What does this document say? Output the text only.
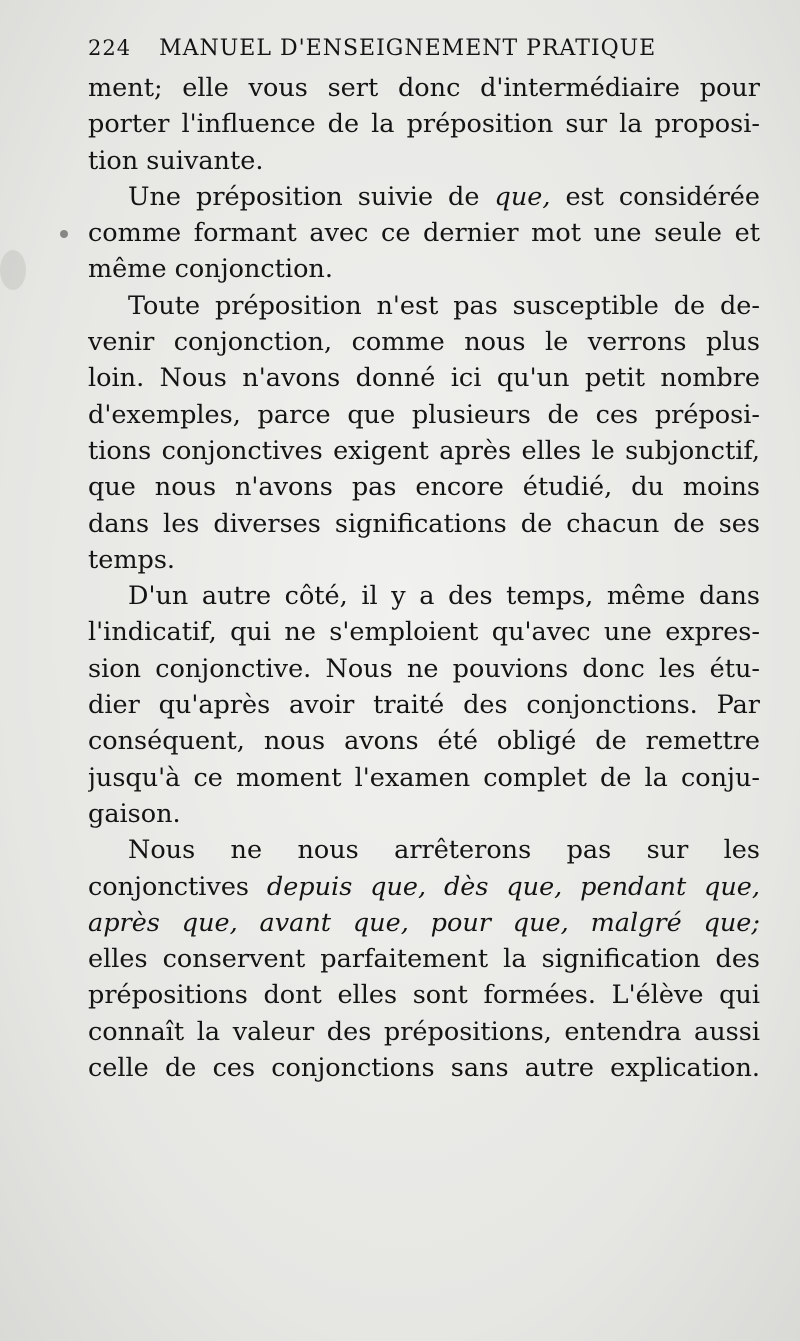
224 MANUEL D'ENSEIGNEMENT PRATIQUE
ment; elle vous sert donc d'intermédiaire pour
porter l'influence de la préposition sur la proposi-
tion suivante.
Une préposition suivie de que, est considérée
comme formant avec ce dernier mot une seule et
même conjonction.
Toute préposition n'est pas susceptible de de-
venir conjonction, comme nous le verrons plus
loin. Nous n'avons donné ici qu'un petit nombre
d'exemples, parce que plusieurs de ces préposi-
tions conjonctives exigent après elles le subjonctif,
que nous n'avons pas encore étudié, du moins
dans les diverses significations de chacun de ses
temps.
D'un autre côté, il y a des temps, même dans
l'indicatif, qui ne s'emploient qu'avec une expres-
sion conjonctive. Nous ne pouvions donc les étu-
dier qu'après avoir traité des conjonctions. Par
conséquent, nous avons été obligé de remettre
jusqu'à ce moment l'examen complet de la conju-
gaison.
Nous ne nous arrêterons pas sur les
conjonctives depuis que, dès que, pendant que,
après que, avant que, pour que, malgré que;
elles conservent parfaitement la signification des
prépositions dont elles sont formées. L'élève qui
connaît la valeur des prépositions, entendra aussi
celle de ces conjonctions sans autre explication.
